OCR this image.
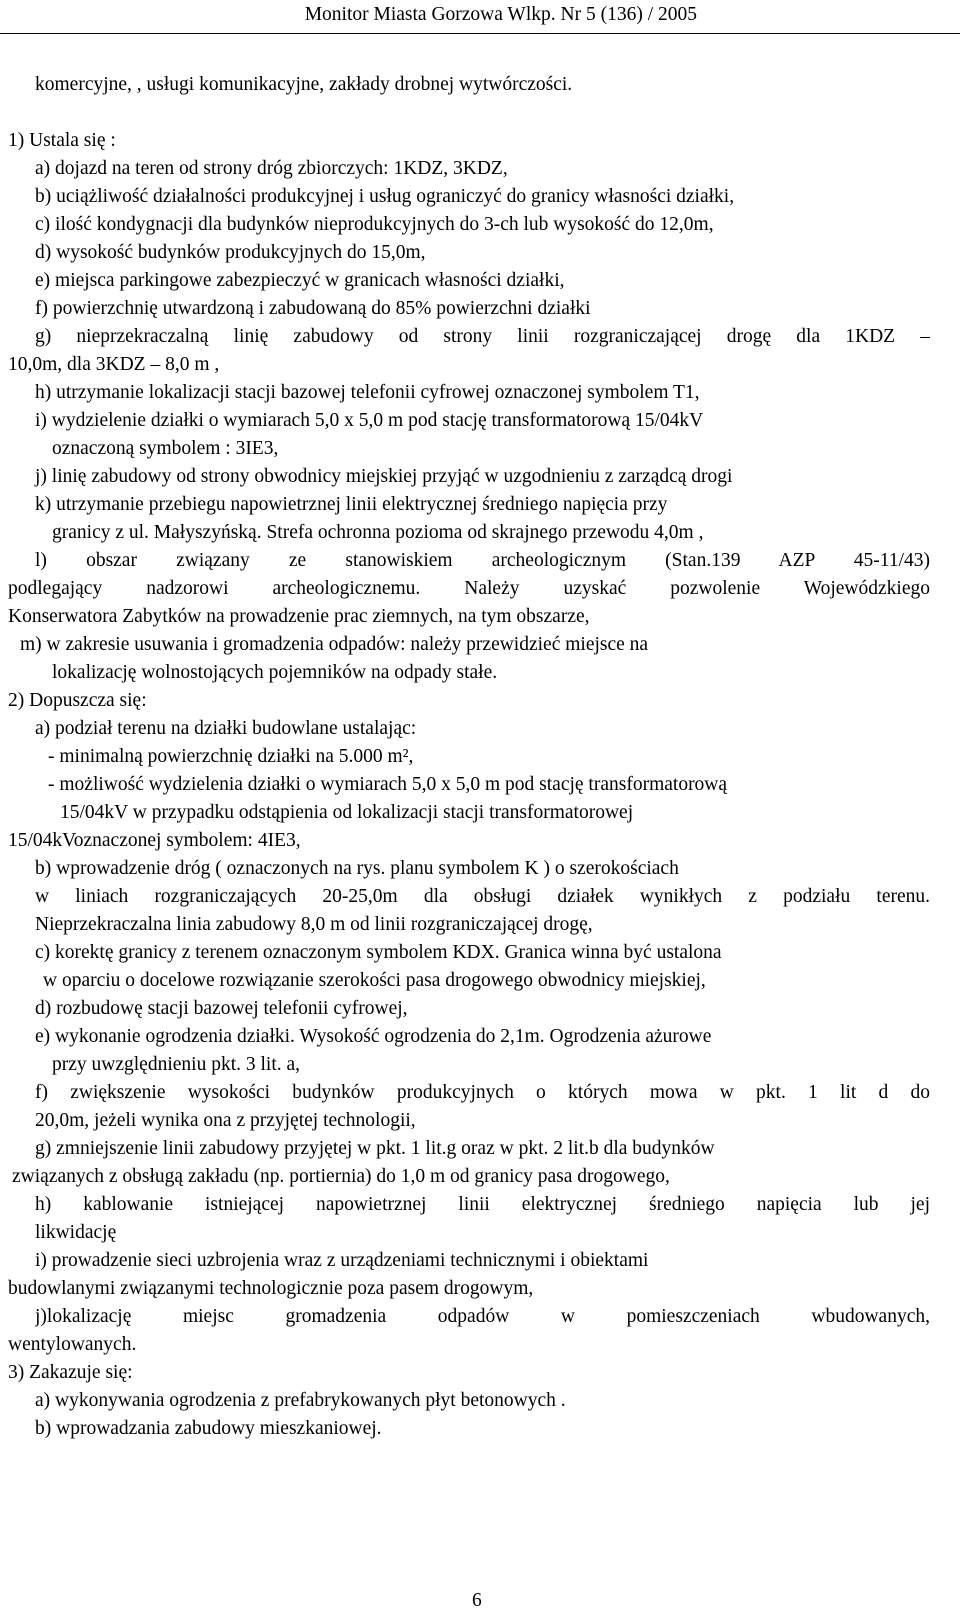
Monitor Miasta Gorzowa Wlkp. Nr 5 (136) / 2005
komercyjne, , usługi komunikacyjne, zakłady drobnej wytwórczości.
1) Ustala się :
a) dojazd na teren od strony dróg zbiorczych: 1KDZ, 3KDZ,
b) uciążliwość działalności produkcyjnej i usług ograniczyć do granicy własności działki,
c) ilość kondygnacji dla budynków nieprodukcyjnych do 3-ch lub wysokość do 12,0m,
d) wysokość budynków produkcyjnych do 15,0m,
e) miejsca parkingowe zabezpieczyć w granicach własności działki,
f) powierzchnię utwardzoną i zabudowaną do 85% powierzchni działki
g) nieprzekraczalną linię zabudowy od strony linii rozgraniczającej drogę dla 1KDZ –
10,0m, dla 3KDZ – 8,0 m ,
h) utrzymanie lokalizacji stacji bazowej telefonii cyfrowej oznaczonej symbolem T1,
i) wydzielenie działki o wymiarach 5,0 x 5,0 m pod stację transformatorową 15/04kV
oznaczoną symbolem : 3IE3,
j) linię zabudowy od strony obwodnicy miejskiej przyjąć w uzgodnieniu z zarządcą drogi
k) utrzymanie przebiegu napowietrznej linii elektrycznej średniego napięcia przy
granicy z ul. Małyszyńską. Strefa ochronna pozioma od skrajnego przewodu 4,0m ,
l) obszar związany ze stanowiskiem archeologicznym (Stan.139 AZP 45-11/43)
podlegający nadzorowi archeologicznemu. Należy uzyskać pozwolenie Wojewódzkiego
Konserwatora Zabytków na prowadzenie prac ziemnych, na tym obszarze,
m) w zakresie usuwania i gromadzenia odpadów: należy przewidzieć miejsce na
lokalizację wolnostojących pojemników na odpady stałe.
2) Dopuszcza się:
a) podział terenu na działki budowlane ustalając:
- minimalną powierzchnię działki na 5.000 m²,
- możliwość wydzielenia działki o wymiarach 5,0 x 5,0 m pod stację transformatorową
15/04kV w przypadku odstąpienia od lokalizacji stacji transformatorowej
15/04kVoznaczonej symbolem: 4IE3,
b) wprowadzenie dróg ( oznaczonych na rys. planu symbolem K ) o szerokościach
w liniach rozgraniczających 20-25,0m dla obsługi działek wynikłych z podziału terenu.
Nieprzekraczalna linia zabudowy 8,0 m od linii rozgraniczającej drogę,
c) korektę granicy z terenem oznaczonym symbolem KDX. Granica winna być ustalona
w oparciu o docelowe rozwiązanie szerokości pasa drogowego obwodnicy miejskiej,
d) rozbudowę stacji bazowej telefonii cyfrowej,
e) wykonanie ogrodzenia działki. Wysokość ogrodzenia do 2,1m. Ogrodzenia ażurowe
przy uwzględnieniu pkt. 3 lit. a,
f) zwiększenie wysokości budynków produkcyjnych o których mowa w pkt. 1 lit d do
20,0m, jeżeli wynika ona z przyjętej technologii,
g) zmniejszenie linii zabudowy przyjętej w pkt. 1 lit.g oraz w pkt. 2 lit.b dla budynków
związanych z obsługą zakładu (np. portiernia) do 1,0 m od granicy pasa drogowego,
h) kablowanie istniejącej napowietrznej linii elektrycznej średniego napięcia lub jej
likwidację
i) prowadzenie sieci uzbrojenia wraz z urządzeniami technicznymi i obiektami
budowlanymi związanymi technologicznie poza pasem drogowym,
j)lokalizację miejsc gromadzenia odpadów w pomieszczeniach wbudowanych,
wentylowanych.
3) Zakazuje się:
a) wykonywania ogrodzenia z prefabrykowanych płyt betonowych .
b) wprowadzania zabudowy mieszkaniowej.
6
